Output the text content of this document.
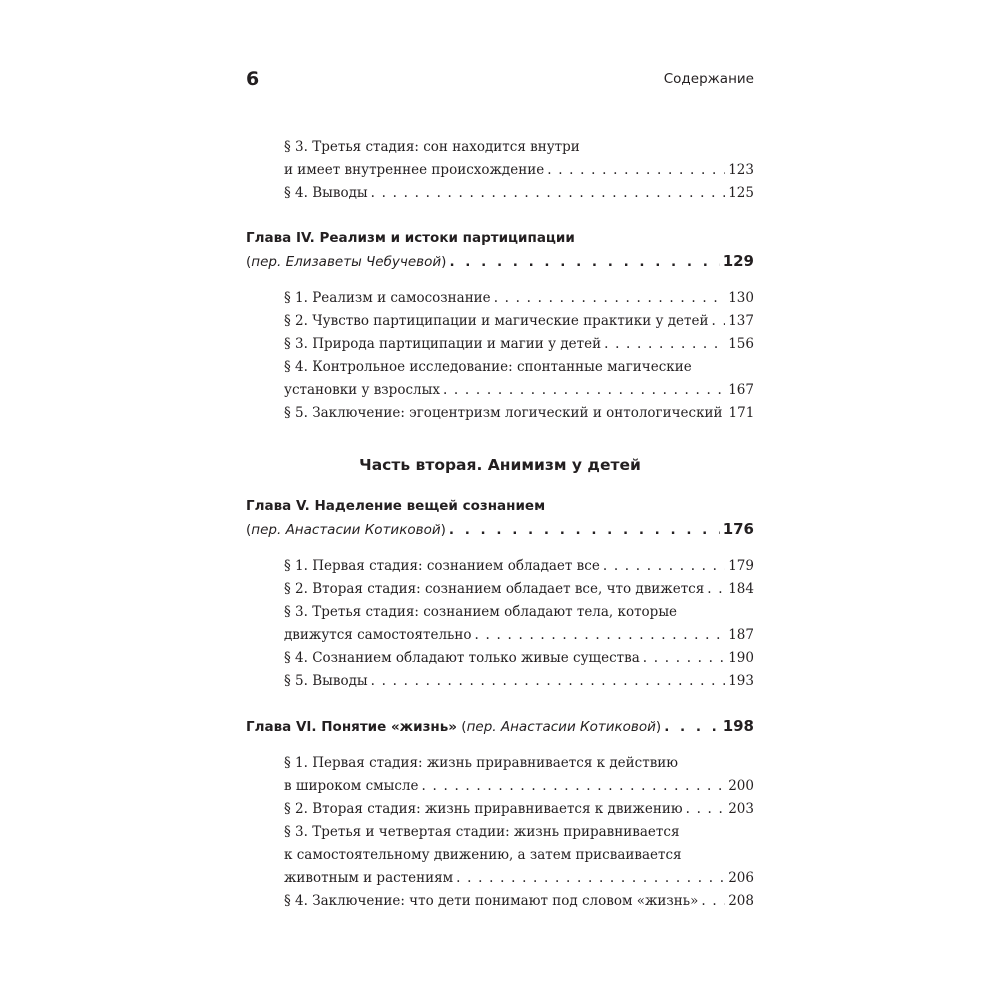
6	Содержание
§ 3. Третья стадия: сон находится внутри
и имеет внутреннее происхождение . . .	123
§ 4. Выводы . . .	125
Глава IV. Реализм и истоки партиципации
(пер. Елизаветы Чебучевой) . . .	129
§ 1. Реализм и самосознание . . .	130
§ 2. Чувство партиципации и магические практики у детей . . . 137
§ 3. Природа партиципации и магии у детей . . .	156
§ 4. Контрольное исследование: спонтанные магические
установки у взрослых . . .	167
§ 5. Заключение: эгоцентризм логический и онтологический 171
Часть вторая. Анимизм у детей
Глава V. Наделение вещей сознанием
(пер. Анастасии Котиковой) . . .	176
§ 1. Первая стадия: сознанием обладает все . . .	179
§ 2. Вторая стадия: сознанием обладает все, что движется . . . 184
§ 3. Третья стадия: сознанием обладают тела, которые
движутся самостоятельно . . .	187
§ 4. Сознанием обладают только живые существа . . .	190
§ 5. Выводы . . .	193
Глава VI. Понятие «жизнь» (пер. Анастасии Котиковой) . . .	198
§ 1. Первая стадия: жизнь приравнивается к действию
в широком смысле . . .	200
§ 2. Вторая стадия: жизнь приравнивается к движению . . .	203
§ 3. Третья и четвертая стадии: жизнь приравнивается
к самостоятельному движению, а затем присваивается
животным и растениям . . .	206
§ 4. Заключение: что дети понимают под словом «жизнь» . . . 208
